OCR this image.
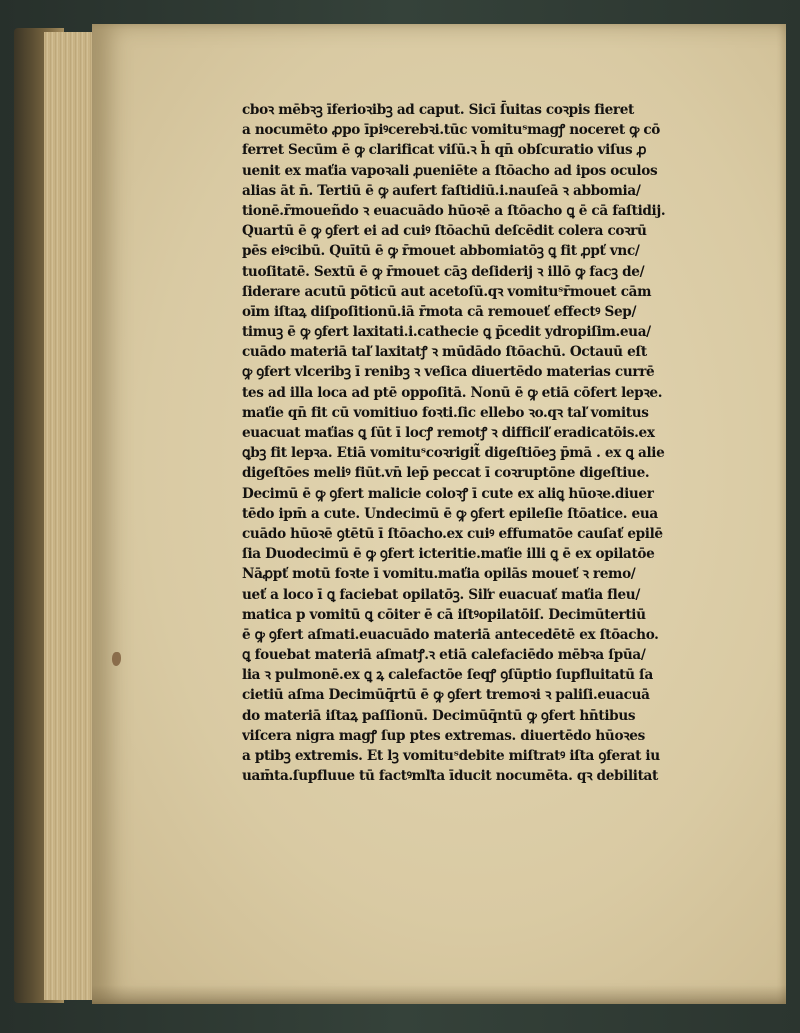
cboꝛ mēbꝛꝫ īferioꝛibꝫ ad caput. Sicī ſ̄uitas coꝛpis fieret
a nocumēto ꝓpo īpiꝰcerebꝛi.tūc vomituˢmagꝭ noceret ꝙ cō
ferret Secūm ē ꝙ clarificat viſū.ꝛ h̄ qn̄ obſcuratio viſus ꝓ
uenit ex maťia vapoꝛali ꝓueniēte a ſtōacho ad ipos oculos
alias āt n̄. Tertiū ē ꝙ aufert faſtidiū.i.nauſeā ꝛ abbomia/
tionē.r̄moueñdo ꝛ euacuādo hūoꝛē a ſtōacho ꝗ ē cā faſtidij.
Quartū ē ꝙ ꝯfert ei ad cuiꝰ ſtōachū deſcēdit colera coꝛrū
pēs eiꝰcibū. Quītū ē ꝙ r̄mouet abbomiatōꝫ ꝗ fit ꝓpť vnc/
tuoſitatē. Sextū ē ꝙ r̄mouet cāꝫ deſiderij ꝛ illō ꝙ facꝫ de/
ſiderare acutū pōticū aut acetoſū.qꝛ vomituˢr̄mouet cām
oīm iſtaꝝ diſpoſitionū.iā r̄mota cā remoueť effectꝰ Sep/
timuꝫ ē ꝙ ꝯfert laxitati.i.cathecie ꝗ p̄cedit ydropiſim.eua/
cuādo materiā taľ laxitatꝭ ꝛ mūdādo ſtōachū. Octauū eſt
ꝙ ꝯfert vlceribꝫ ī renibꝫ ꝛ veſica diuertēdo materias currē
tes ad illa loca ad ptē oppoſitā. Nonū ē ꝙ etiā cōfert lepꝛe.
maťie qn̄ fit cū vomitiuo foꝛti.ſic ellebo ꝛo.qꝛ taľ vomitus
euacuat maťias ꝗ ſūt ī locꝭ remotꝭ ꝛ difficiľ eradicatōis.ex
ꝗbꝫ fit lepꝛa. Etiā vomituˢcoꝛrigit̃ digeſtiōeꝫ p̄mā . ex ꝗ alie
digeſtōes meliꝰ fiūt.vn̄ lep̄ peccat ī coꝛruptōne digeſtiue.
Decimū ē ꝙ ꝯfert malicie coloꝛꝭ ī cute ex aliꝗ hūoꝛe.diuer
tēdo ipm̄ a cute. Undecimū ē ꝙ ꝯfert epileſie ſtōatice. eua
cuādo hūoꝛē ꝯtētū ī ſtōacho.ex cuiꝰ effumatōe cauſať epilē
ſia Duodecimū ē ꝙ ꝯfert icteritie.maťie illi ꝗ ē ex opilatōe
Nāꝓpť motū foꝛte ī vomitu.maťia opilās moueť ꝛ remo/
ueť a loco ī ꝗ faciebat opilatōꝫ. Siľr euacuať maťia fleu/
matica p vomitū ꝗ cōiter ē cā iſtꝰopilatōiſ. Decimūtertiū
ē ꝙ ꝯfert aſmati.euacuādo materiā antecedētē ex ſtōacho.
ꝗ fouebat materiā aſmatꝭ.ꝛ etiā calefaciēdo mēbꝛa ſpūa/
lia ꝛ pulmonē.ex ꝗ ꝝ calefactōe ſeqꝭ ꝯſūptio ſupfluitatū ſa
cietiū aſma Decimūq̄rtū ē ꝙ ꝯfert tremoꝛi ꝛ paliſi.euacuā
do materiā iſtaꝝ paſſionū. Decimūq̄ntū ꝙ ꝯfert hn̄tibus
viſcera nigra magꝭ ſup ptes extremas. diuertēdo hūoꝛes
a ptibꝫ extremis. Et lꝫ vomituˢdebite miſtratꝰ iſta ꝯferat iu
uam̄ta.ſupfluue tū factꝰmľta īducit nocumēta. qꝛ debilitat
